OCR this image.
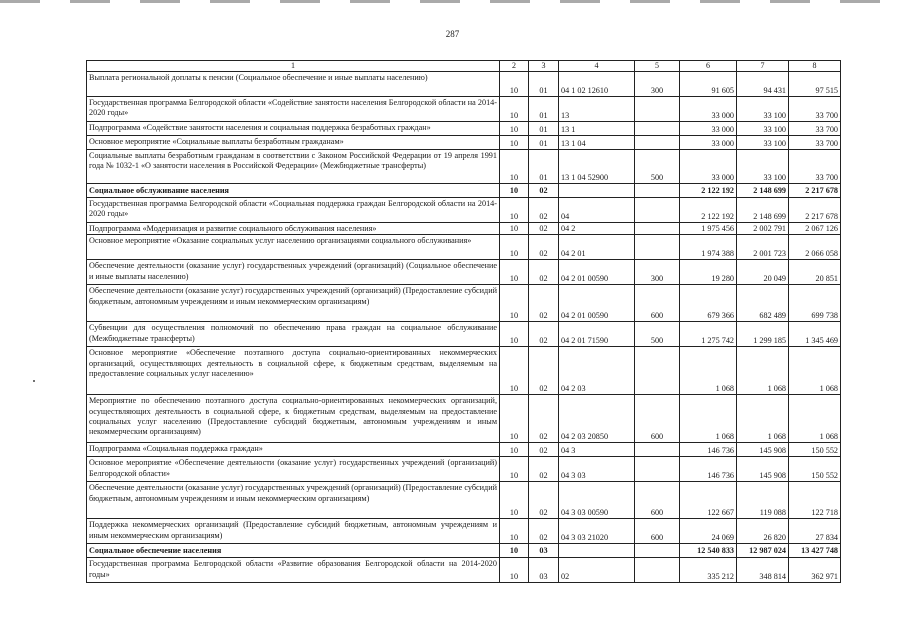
287
1	2	3	4	5	6	7	8
Выплата региональной доплаты к пенсии (Социальное обеспечение и иные выплаты населению)	10	01	04 1 02 12610	300	91 605	94 431	97 515
Государственная программа Белгородской области «Содействие занятости населения Белгородской области на 2014-2020 годы»	10	01	13		33 000	33 100	33 700
Подпрограмма «Содействие занятости населения и социальная поддержка безработных граждан»	10	01	13 1		33 000	33 100	33 700
Основное мероприятие «Социальные выплаты безработным гражданам»	10	01	13 1 04		33 000	33 100	33 700
Социальные выплаты безработным гражданам в соответствии с Законом Российской Федерации от 19 апреля 1991 года № 1032-1 «О занятости населения в Российской Федерации» (Межбюджетные трансферты)	10	01	13 1 04 52900	500	33 000	33 100	33 700
Социальное обслуживание населения	10	02			2 122 192	2 148 699	2 217 678
Государственная программа Белгородской области «Социальная поддержка граждан Белгородской области на 2014-2020 годы»	10	02	04		2 122 192	2 148 699	2 217 678
Подпрограмма «Модернизация и развитие социального обслуживания населения»	10	02	04 2		1 975 456	2 002 791	2 067 126
Основное мероприятие «Оказание социальных услуг населению организациями социального обслуживания»	10	02	04 2 01		1 974 388	2 001 723	2 066 058
Обеспечение деятельности (оказание услуг) государственных учреждений (организаций) (Социальное обеспечение и иные выплаты населению)	10	02	04 2 01 00590	300	19 280	20 049	20 851
Обеспечение деятельности (оказание услуг) государственных учреждений (организаций) (Предоставление субсидий бюджетным, автономным учреждениям и иным некоммерческим организациям)	10	02	04 2 01 00590	600	679 366	682 489	699 738
Субвенции для осуществления полномочий по обеспечению права граждан на социальное обслуживание (Межбюджетные трансферты)	10	02	04 2 01 71590	500	1 275 742	1 299 185	1 345 469
Основное мероприятие «Обеспечение поэтапного доступа социально-ориентированных некоммерческих организаций, осуществляющих деятельность в социальной сфере, к бюджетным средствам, выделяемым на предоставление социальных услуг населению»	10	02	04 2 03		1 068	1 068	1 068
Мероприятие по обеспечению поэтапного доступа социально-ориентированных некоммерческих организаций, осуществляющих деятельность в социальной сфере, к бюджетным средствам, выделяемым на предоставление социальных услуг населению (Предоставление субсидий бюджетным, автономным учреждениям и иным некоммерческим организациям)	10	02	04 2 03 20850	600	1 068	1 068	1 068
Подпрограмма «Социальная поддержка граждан»	10	02	04 3		146 736	145 908	150 552
Основное мероприятие «Обеспечение деятельности (оказание услуг) государственных учреждений (организаций) Белгородской области»	10	02	04 3 03		146 736	145 908	150 552
Обеспечение деятельности (оказание услуг) государственных учреждений (организаций) (Предоставление субсидий бюджетным, автономным учреждениям и иным некоммерческим организациям)	10	02	04 3 03 00590	600	122 667	119 088	122 718
Поддержка некоммерческих организаций (Предоставление субсидий бюджетным, автономным учреждениям и иным некоммерческим организациям)	10	02	04 3 03 21020	600	24 069	26 820	27 834
Социальное обеспечение населения	10	03			12 540 833	12 987 024	13 427 748
Государственная программа Белгородской области «Развитие образования Белгородской области на 2014-2020 годы»	10	03	02		335 212	348 814	362 971
